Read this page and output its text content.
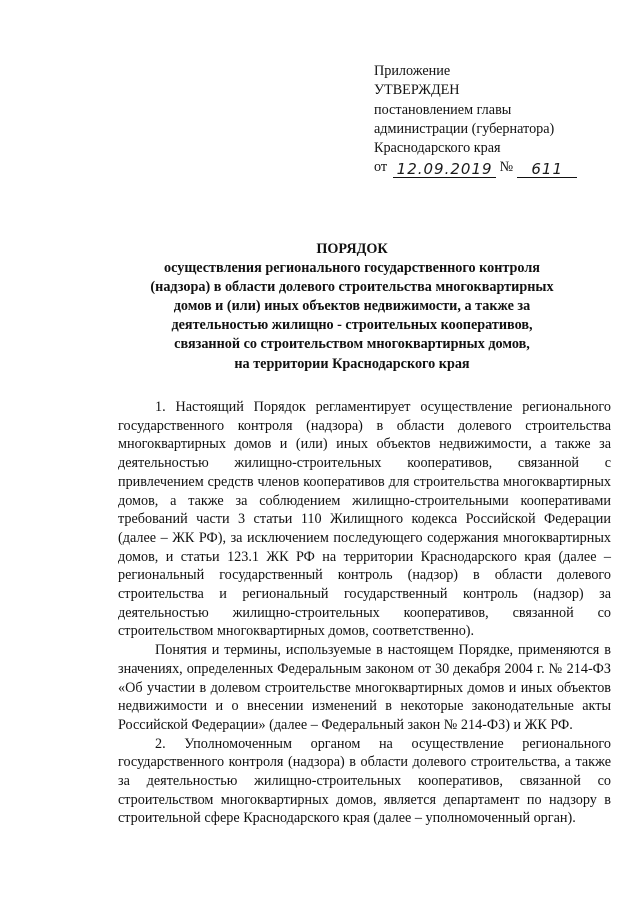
Приложение

УТВЕРЖДЕН

постановлением главы

администрации (губернатора)

Краснодарского края

от 12.09.2019 № 611

ПОРЯДОК

осуществления регионального государственного контроля

(надзора) в области долевого строительства многоквартирных

домов и (или) иных объектов недвижимости, а также за

деятельностью жилищно - строительных кооперативов,

связанной со строительством многоквартирных домов,

на территории Краснодарского края

1. Настоящий Порядок регламентирует осуществление регионального государственного контроля (надзора) в области долевого строительства многоквартирных домов и (или) иных объектов недвижимости, а также за деятельностью жилищно-строительных кооперативов, связанной с привлечением средств членов кооперативов для строительства многоквартирных домов, а также за соблюдением жилищно-строительными кооперативами требований части 3 статьи 110 Жилищного кодекса Российской Федерации (далее – ЖК РФ), за исключением последующего содержания многоквартирных домов, и статьи 123.1 ЖК РФ на территории Краснодарского края (далее – региональный государственный контроль (надзор) в области долевого строительства и региональный государственный контроль (надзор) за деятельностью жилищно-строительных кооперативов, связанной со строительством многоквартирных домов, соответственно).

Понятия и термины, используемые в настоящем Порядке, применяются в значениях, определенных Федеральным законом от 30 декабря 2004 г. № 214-ФЗ «Об участии в долевом строительстве многоквартирных домов и иных объектов недвижимости и о внесении изменений в некоторые законодательные акты Российской Федерации» (далее – Федеральный закон № 214-ФЗ) и ЖК РФ.

2. Уполномоченным органом на осуществление регионального государственного контроля (надзора) в области долевого строительства, а также за деятельностью жилищно-строительных кооперативов, связанной со строительством многоквартирных домов, является департамент по надзору в строительной сфере Краснодарского края (далее – уполномоченный орган).
